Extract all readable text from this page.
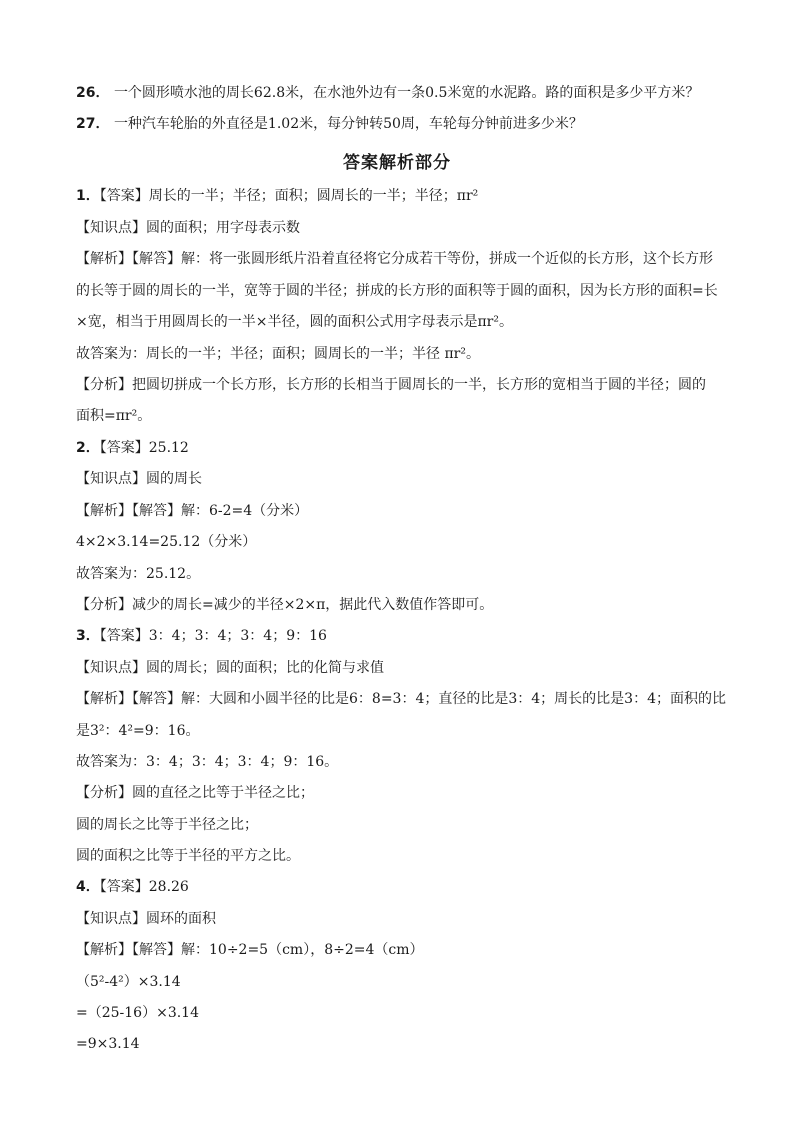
26． 一个圆形喷水池的周长62.8米，在水池外边有一条0.5米宽的水泥路。路的面积是多少平方米？
27． 一种汽车轮胎的外直径是1.02米，每分钟转50周，车轮每分钟前进多少米？
答案解析部分
1．【答案】周长的一半；半径；面积；圆周长的一半；半径；πr²
【知识点】圆的面积；用字母表示数
【解析】【解答】解：将一张圆形纸片沿着直径将它分成若干等份，拼成一个近似的长方形，这个长方形
的长等于圆的周长的一半，宽等于圆的半径；拼成的长方形的面积等于圆的面积，因为长方形的面积=长
×宽，相当于用圆周长的一半×半径，圆的面积公式用字母表示是πr²。
故答案为：周长的一半；半径；面积；圆周长的一半；半径 πr²。
【分析】把圆切拼成一个长方形，长方形的长相当于圆周长的一半，长方形的宽相当于圆的半径；圆的
面积=πr²。
2．【答案】25.12
【知识点】圆的周长
【解析】【解答】解：6-2=4（分米）
4×2×3.14=25.12（分米）
故答案为：25.12。
【分析】减少的周长=减少的半径×2×π，据此代入数值作答即可。
3．【答案】3：4；3：4；3：4；9：16
【知识点】圆的周长；圆的面积；比的化简与求值
【解析】【解答】解：大圆和小圆半径的比是6：8=3：4；直径的比是3：4；周长的比是3：4；面积的比
是3²：4²=9：16。
故答案为：3：4；3：4；3：4；9：16。
【分析】圆的直径之比等于半径之比；
圆的周长之比等于半径之比；
圆的面积之比等于半径的平方之比。
4．【答案】28.26
【知识点】圆环的面积
【解析】【解答】解：10÷2=5（cm），8÷2=4（cm）
（5²-4²）×3.14
=（25-16）×3.14
=9×3.14
